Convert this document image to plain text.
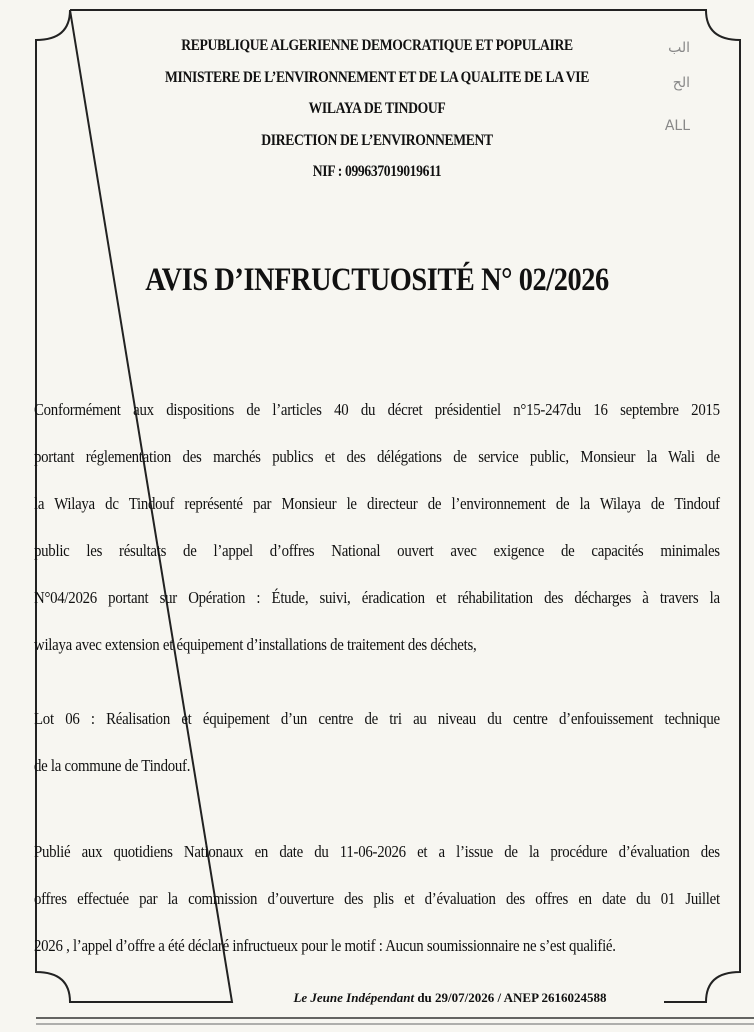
الب
الح
ALL
REPUBLIQUE ALGERIENNE DEMOCRATIQUE ET POPULAIRE
MINISTERE DE L’ENVIRONNEMENT ET DE LA QUALITE DE LA VIE
WILAYA DE TINDOUF
DIRECTION DE L’ENVIRONNEMENT
NIF : 099637019019611
AVIS D’INFRUCTUOSITÉ N° 02/2026
Conformément aux dispositions de l’articles 40 du décret présidentiel n°15-247du 16 septembre 2015
portant réglementation des marchés publics et des délégations de service public, Monsieur la Wali de
la Wilaya dc Tindouf représenté par Monsieur le directeur de l’environnement de la Wilaya de Tindouf
public les résultats de l’appel d’offres National ouvert avec exigence de capacités minimales
N°04/2026 portant sur Opération : Étude, suivi, éradication et réhabilitation des décharges à travers la
wilaya avec extension et équipement d’installations de traitement des déchets,
Lot 06 : Réalisation et équipement d’un centre de tri au niveau du centre d’enfouissement technique
de la commune de Tindouf.
Publié aux quotidiens Nationaux en date du 11-06-2026 et a l’issue de la procédure d’évaluation des
offres effectuée par la commission d’ouverture des plis et d’évaluation des offres en date du 01 Juillet
2026 , l’appel d’offre a été déclaré infructueux pour le motif : Aucun soumissionnaire ne s’est qualifié.
Le Jeune Indépendant du 29/07/2026 / ANEP 2616024588
